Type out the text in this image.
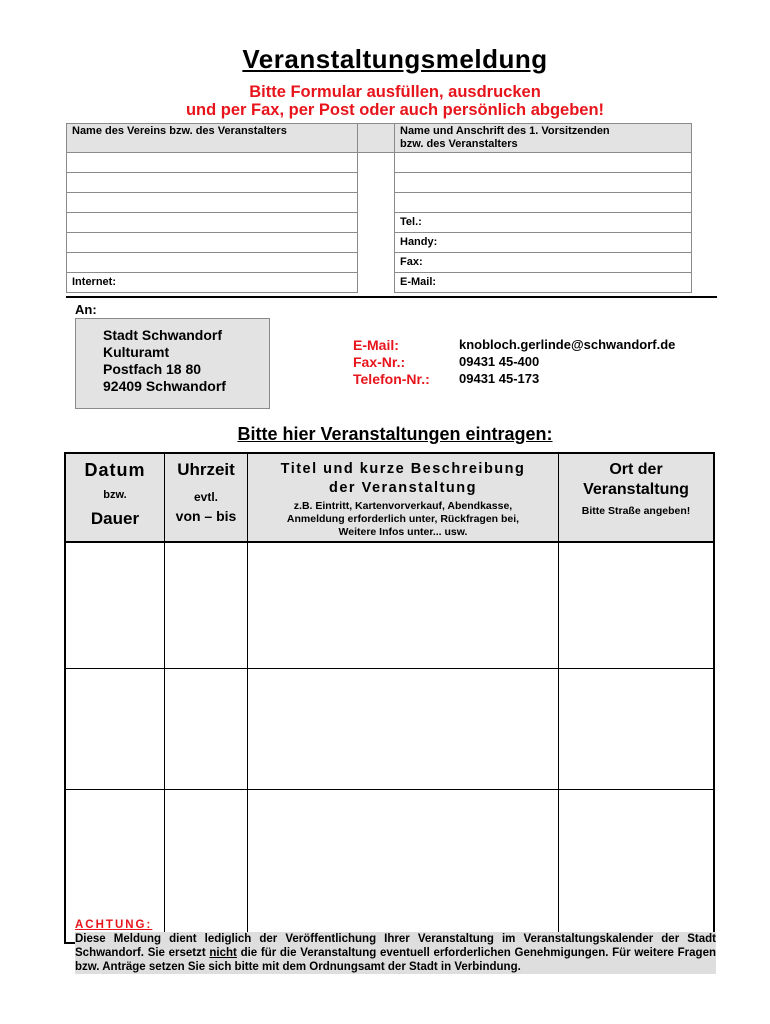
Veranstaltungsmeldung
Bitte Formular ausfüllen, ausdrucken
und per Fax, per Post oder auch persönlich abgeben!
Name des Vereins bzw. des Veranstalters
Internet:
Name und Anschrift des 1. Vorsitzenden
bzw. des Veranstalters
Tel.:
Handy:
Fax:
E-Mail:
An:
Stadt Schwandorf
Kulturamt
Postfach 18 80
92409 Schwandorf
E-Mail:	knobloch.gerlinde@schwandorf.de
Fax-Nr.:	09431 45-400
Telefon-Nr.: 09431 45-173
Bitte hier Veranstaltungen eintragen:
Datum
bzw.
Dauer
Uhrzeit
evtl.
von – bis
Titel und kurze Beschreibung
der Veranstaltung
z.B. Eintritt, Kartenvorverkauf, Abendkasse,
Anmeldung erforderlich unter, Rückfragen bei,
Weitere Infos unter... usw.
Ort der
Veranstaltung
Bitte Straße angeben!
ACHTUNG:
Diese Meldung dient lediglich der Veröffentlichung Ihrer Veranstaltung im Veranstaltungskalender der Stadt Schwandorf. Sie ersetzt nicht die für die Veranstaltung eventuell erforderlichen Genehmigungen. Für weitere Fragen bzw. Anträge setzen Sie sich bitte mit dem Ordnungsamt der Stadt in Verbindung.
